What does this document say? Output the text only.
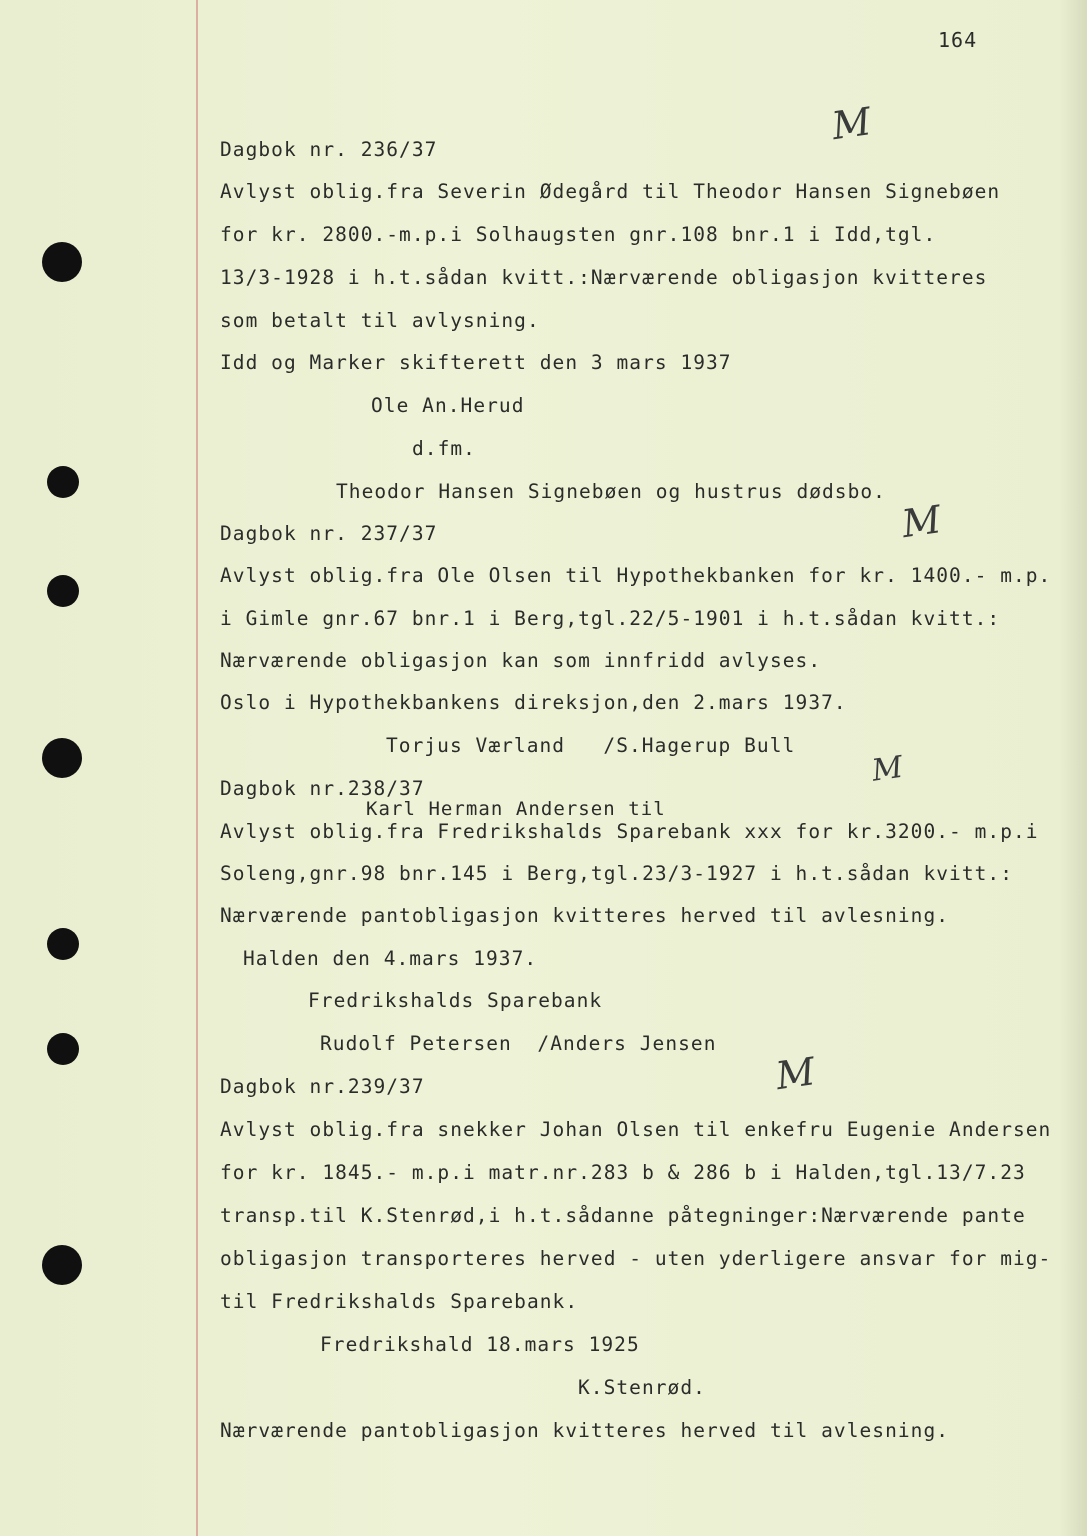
164
M
M
M
M
Dagbok nr. 236/37
Avlyst oblig.fra Severin Ødegård til Theodor Hansen Signebøen
for kr. 2800.-m.p.i Solhaugsten gnr.108 bnr.1 i Idd,tgl.
13/3-1928 i h.t.sådan kvitt.:Nærværende obligasjon kvitteres
som betalt til avlysning.
Idd og Marker skifterett den 3 mars 1937
Ole An.Herud
d.fm.
Theodor Hansen Signebøen og hustrus dødsbo.
Dagbok nr. 237/37
Avlyst oblig.fra Ole Olsen til Hypothekbanken for kr. 1400.- m.p.
i Gimle gnr.67 bnr.1 i Berg,tgl.22/5-1901 i h.t.sådan kvitt.:
Nærværende obligasjon kan som innfridd avlyses.
Oslo i Hypothekbankens direksjon,den 2.mars 1937.
Torjus Værland   /S.Hagerup Bull
Dagbok nr.238/37
Karl Herman Andersen til
Avlyst oblig.fra Fredrikshalds Sparebank xxx for kr.3200.- m.p.i
Soleng,gnr.98 bnr.145 i Berg,tgl.23/3-1927 i h.t.sådan kvitt.:
Nærværende pantobligasjon kvitteres herved til avlesning.
Halden den 4.mars 1937.
Fredrikshalds Sparebank
Rudolf Petersen  /Anders Jensen
Dagbok nr.239/37
Avlyst oblig.fra snekker Johan Olsen til enkefru Eugenie Andersen
for kr. 1845.- m.p.i matr.nr.283 b & 286 b i Halden,tgl.13/7.23
transp.til K.Stenrød,i h.t.sådanne påtegninger:Nærværende pante
obligasjon transporteres herved - uten yderligere ansvar for mig-
til Fredrikshalds Sparebank.
Fredrikshald 18.mars 1925
K.Stenrød.
Nærværende pantobligasjon kvitteres herved til avlesning.
